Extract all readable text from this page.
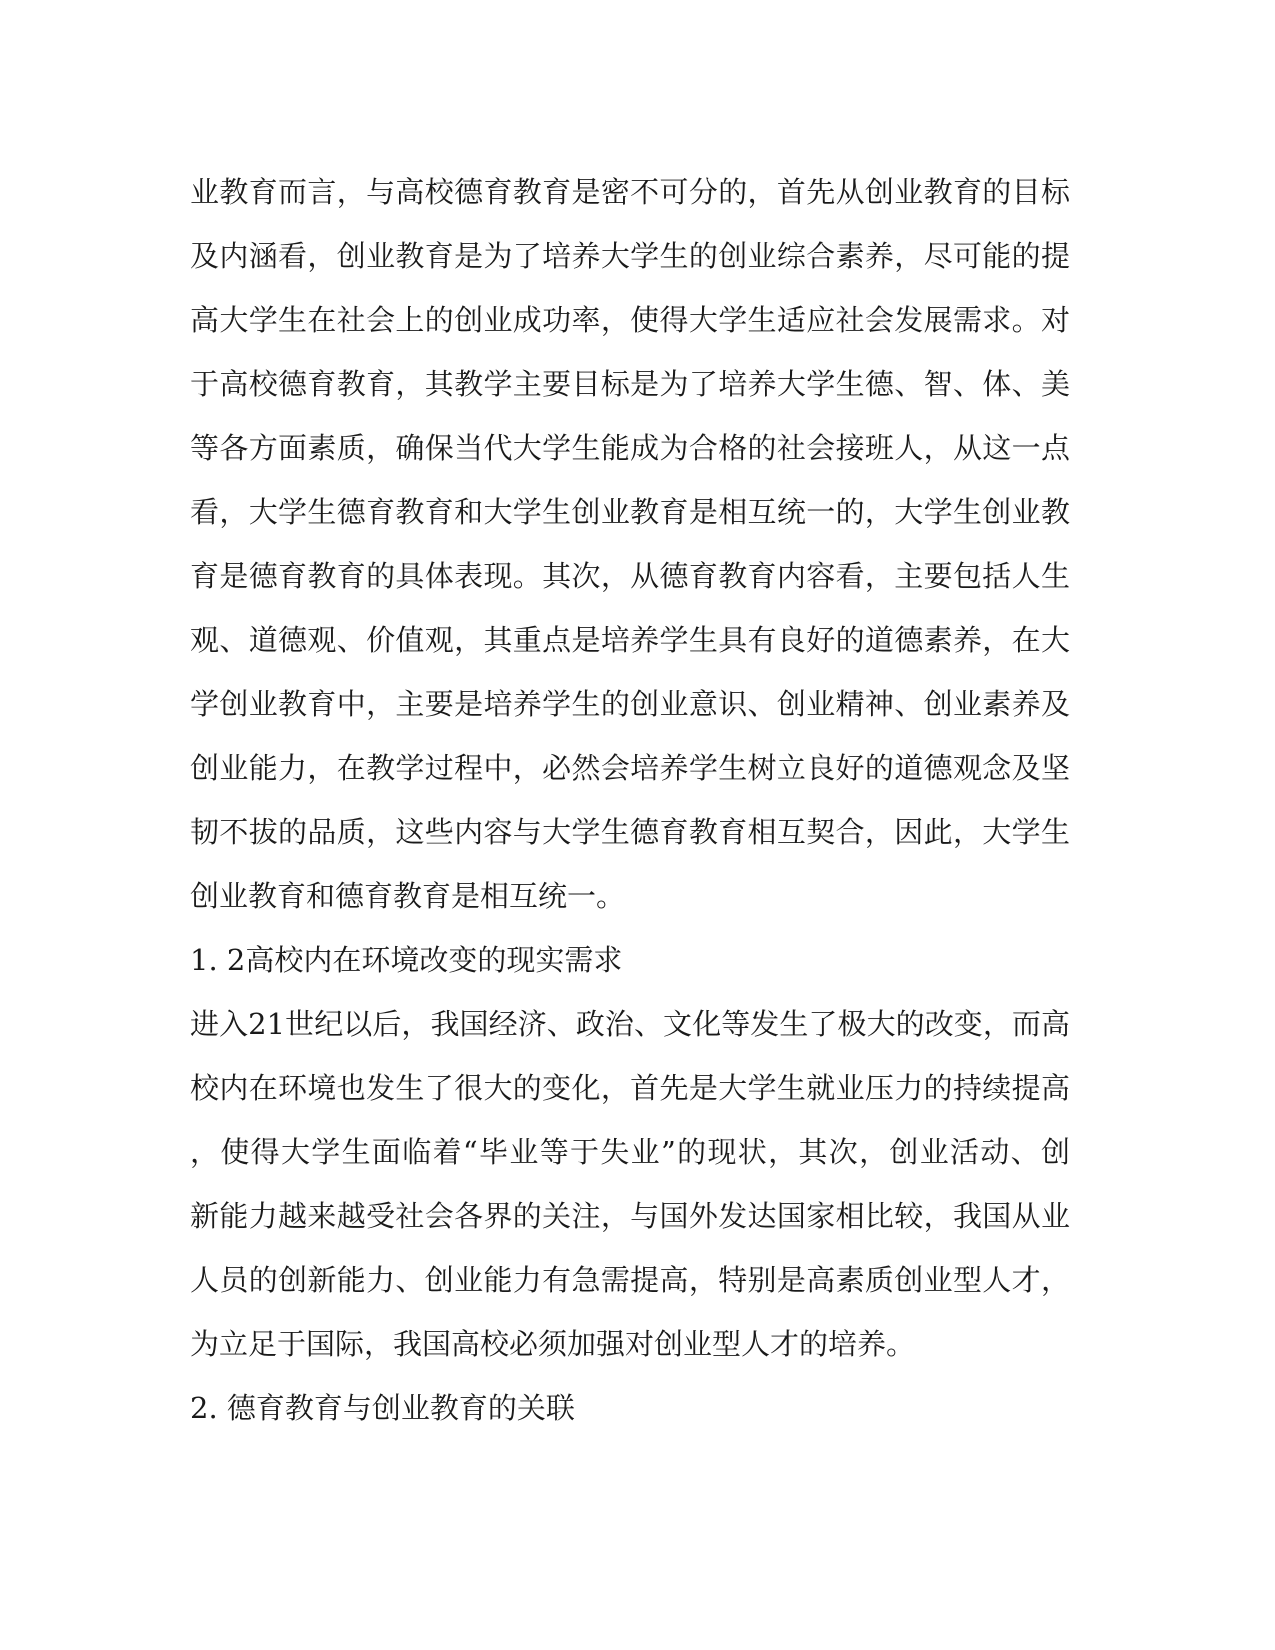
业教育而言，与高校德育教育是密不可分的，首先从创业教育的目标
及内涵看，创业教育是为了培养大学生的创业综合素养，尽可能的提
高大学生在社会上的创业成功率，使得大学生适应社会发展需求。对
于高校德育教育，其教学主要目标是为了培养大学生德、智、体、美
等各方面素质，确保当代大学生能成为合格的社会接班人，从这一点
看，大学生德育教育和大学生创业教育是相互统一的，大学生创业教
育是德育教育的具体表现。其次，从德育教育内容看，主要包括人生
观、道德观、价值观，其重点是培养学生具有良好的道德素养，在大
学创业教育中，主要是培养学生的创业意识、创业精神、创业素养及
创业能力，在教学过程中，必然会培养学生树立良好的道德观念及坚
韧不拔的品质，这些内容与大学生德育教育相互契合，因此，大学生
创业教育和德育教育是相互统一。
1. 2高校内在环境改变的现实需求
进入21世纪以后，我国经济、政治、文化等发生了极大的改变，而高
校内在环境也发生了很大的变化，首先是大学生就业压力的持续提高
，使得大学生面临着“毕业等于失业”的现状，其次，创业活动、创
新能力越来越受社会各界的关注，与国外发达国家相比较，我国从业
人员的创新能力、创业能力有急需提高，特别是高素质创业型人才，
为立足于国际，我国高校必须加强对创业型人才的培养。
2. 德育教育与创业教育的关联
